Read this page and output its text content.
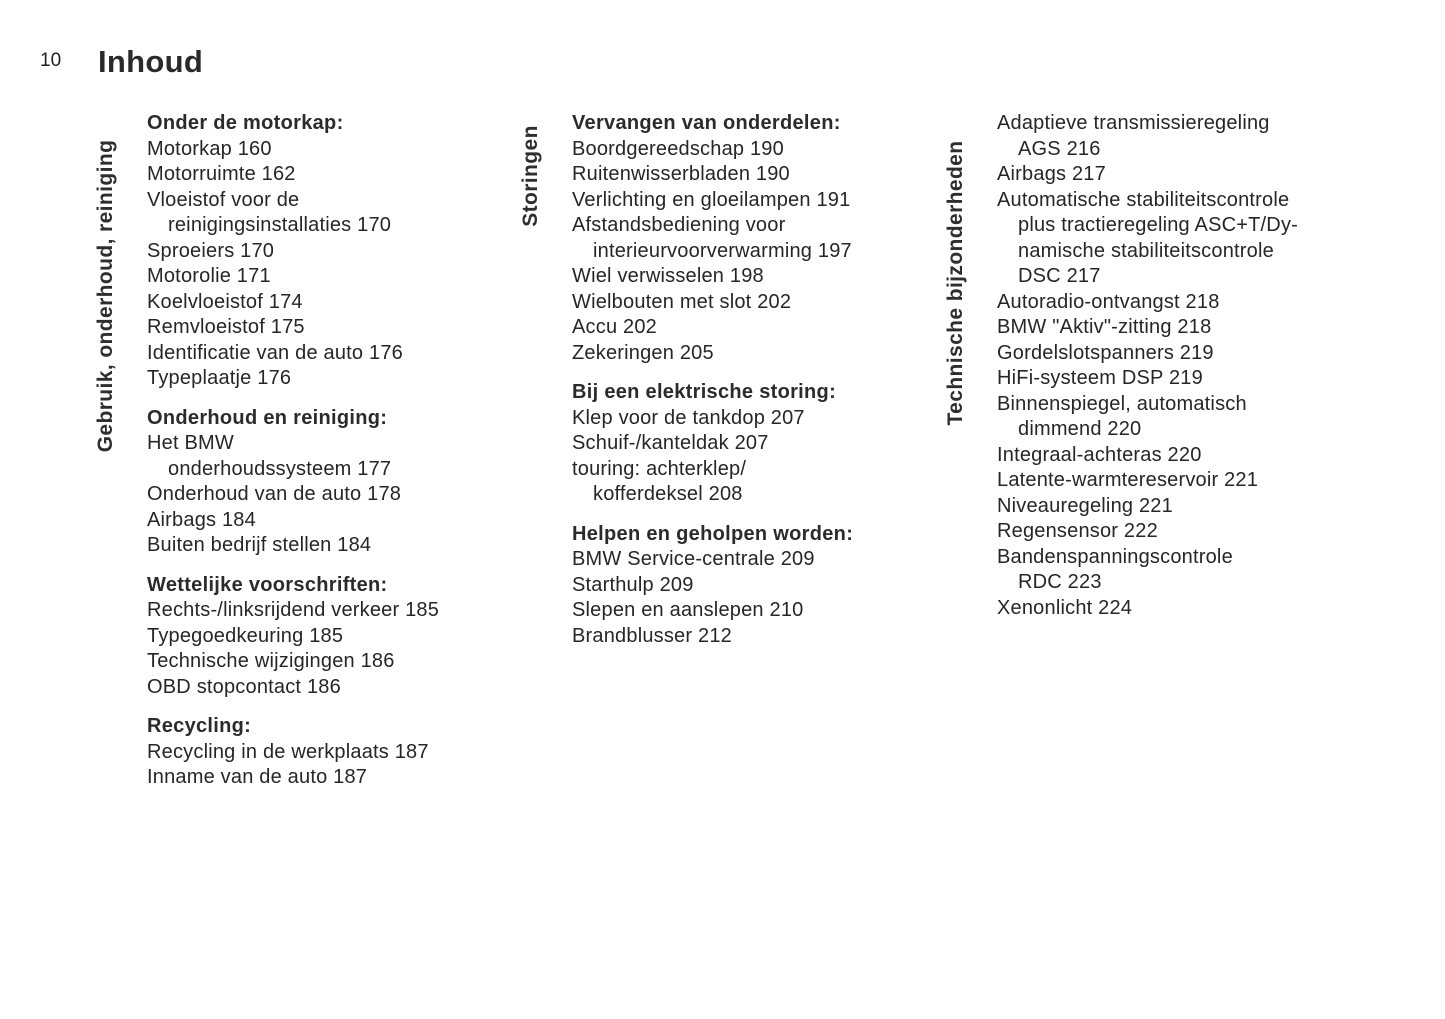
10 Inhoud
Gebruik, onderhoud, reiniging	Storingen	Technische bijzonderheden
Onder de motorkap:
Motorkap 160
Motorruimte 162
Vloeistof voor de
reinigingsinstallaties 170
Sproeiers 170
Motorolie 171
Koelvloeistof 174
Remvloeistof 175
Identificatie van de auto 176
Typeplaatje 176
Onderhoud en reiniging:
Het BMW
onderhoudssysteem 177
Onderhoud van de auto 178
Airbags 184
Buiten bedrijf stellen 184
Wettelijke voorschriften:
Rechts-/linksrijdend verkeer 185
Typegoedkeuring 185
Technische wijzigingen 186
OBD stopcontact 186
Recycling:
Recycling in de werkplaats 187
Inname van de auto 187
Vervangen van onderdelen:
Boordgereedschap 190
Ruitenwisserbladen 190
Verlichting en gloeilampen 191
Afstandsbediening voor
interieurvoorverwarming 197
Wiel verwisselen 198
Wielbouten met slot 202
Accu 202
Zekeringen 205
Bij een elektrische storing:
Klep voor de tankdop 207
Schuif-/kanteldak 207
touring: achterklep/
kofferdeksel 208
Helpen en geholpen worden:
BMW Service-centrale 209
Starthulp 209
Slepen en aanslepen 210
Brandblusser 212
Adaptieve transmissieregeling
AGS 216
Airbags 217
Automatische stabiliteitscontrole
plus tractieregeling ASC+T/Dy-
namische stabiliteitscontrole
DSC 217
Autoradio-ontvangst 218
BMW "Aktiv"-zitting 218
Gordelslotspanners 219
HiFi-systeem DSP 219
Binnenspiegel, automatisch
dimmend 220
Integraal-achteras 220
Latente-warmtereservoir 221
Niveauregeling 221
Regensensor 222
Bandenspanningscontrole
RDC 223
Xenonlicht 224
